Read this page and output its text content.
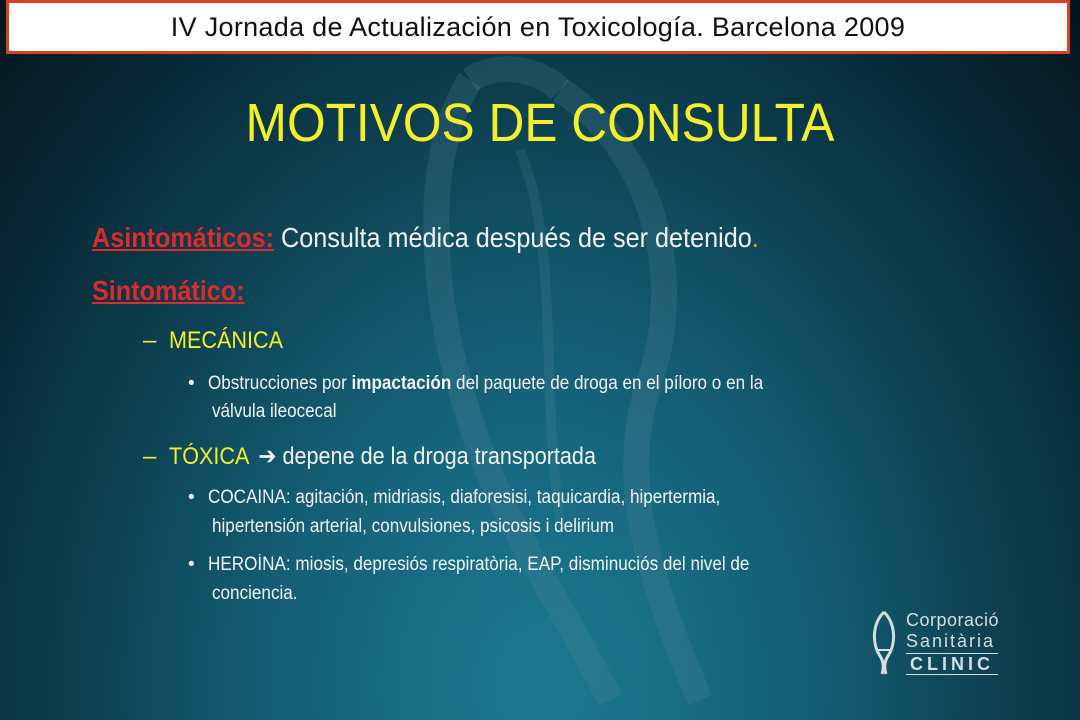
IV Jornada de Actualización en Toxicología. Barcelona 2009
MOTIVOS DE CONSULTA
Asintomáticos: Consulta médica después de ser detenido.
Sintomático:
– MECÁNICA
• Obstrucciones por impactación del paquete de droga en el píloro o en la
válvula ileocecal
– TÓXICA ➔ depene de la droga transportada
• COCAINA: agitación, midriasis, diaforesisi, taquicardia, hipertermia,
hipertensión arterial, convulsiones, psicosis i delirium
• HEROÍNA: miosis, depresiós respiratòria, EAP, disminuciós del nivel de
conciencia.
Corporació
Sanitària
CLINIC
